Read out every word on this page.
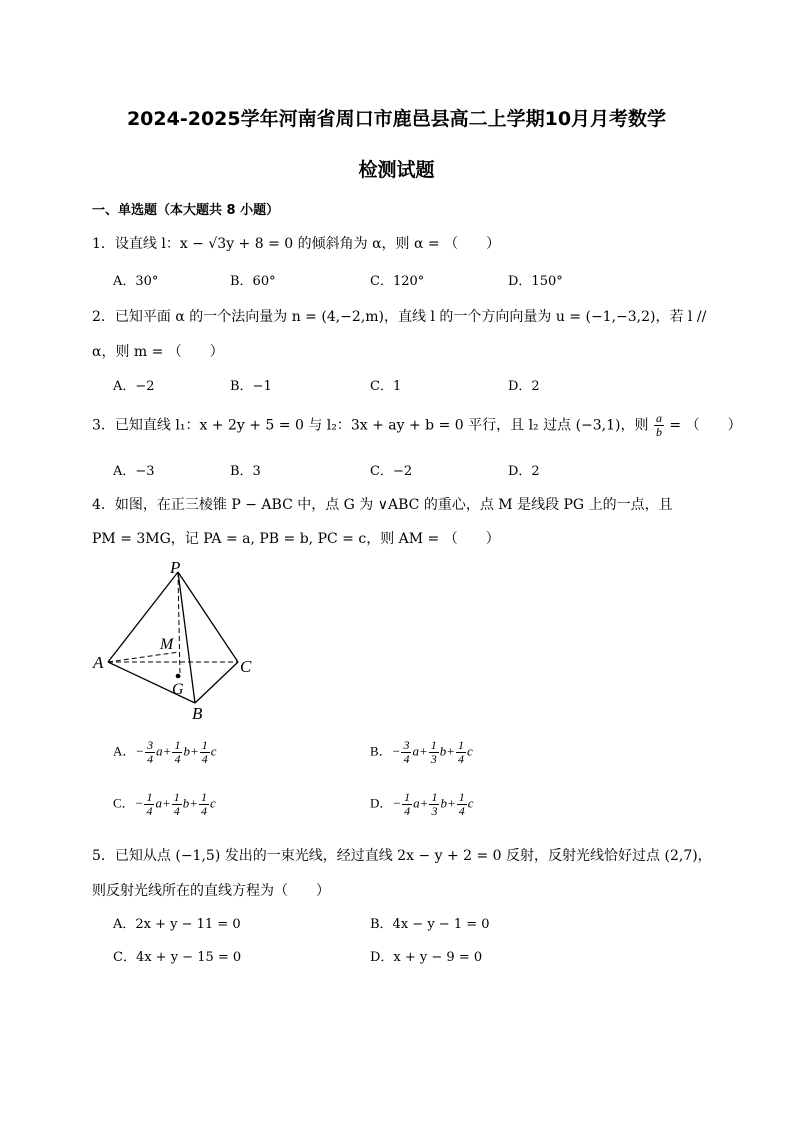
2024-2025学年河南省周口市鹿邑县高二上学期10月月考数学
检测试题
一、单选题（本大题共 8 小题）
1．设直线 l：x − √3y + 8 = 0 的倾斜角为 α，则 α = （　　）
A．30°	B．60°	C．120°	D．150°
2．已知平面 α 的一个法向量为 n = (4,−2,m)，直线 l 的一个方向向量为 u = (−1,−3,2)，若 l //
α，则 m = （　　）
A．−2	B．−1	C．1	D．2
3．已知直线 l₁：x + 2y + 5 = 0 与 l₂：3x + ay + b = 0 平行，且 l₂ 过点 (−3,1)，则 $\frac{a}{b}$ = （　　）
A．−3	B．3	C．−2	D．2
4．如图，在正三棱锥 P − ABC 中，点 G 为 ∨ABC 的重心，点 M 是线段 PG 上的一点，且
PM = 3MG，记 PA = a, PB = b, PC = c，则 AM = （　　）
P
A	C
B
M
G
A．− $\frac{3}{4} a+ \frac{1}{4} b+ \frac{1}{4}$ c	B．− $\frac{3}{4} a+ \frac{1}{3} b+ \frac{1}{4}$ c
C．− $\frac{1}{4} a+ \frac{1}{4} b+ \frac{1}{4}$ c	D．− $\frac{1}{4} a+ \frac{1}{3} b+ \frac{1}{4}$ c
5．已知从点 (−1,5) 发出的一束光线，经过直线 2x − y + 2 = 0 反射，反射光线恰好过点 (2,7)，
则反射光线所在的直线方程为（　　）
A．2x + y − 11 = 0	B．4x − y − 1 = 0
C．4x + y − 15 = 0	D．x + y − 9 = 0
